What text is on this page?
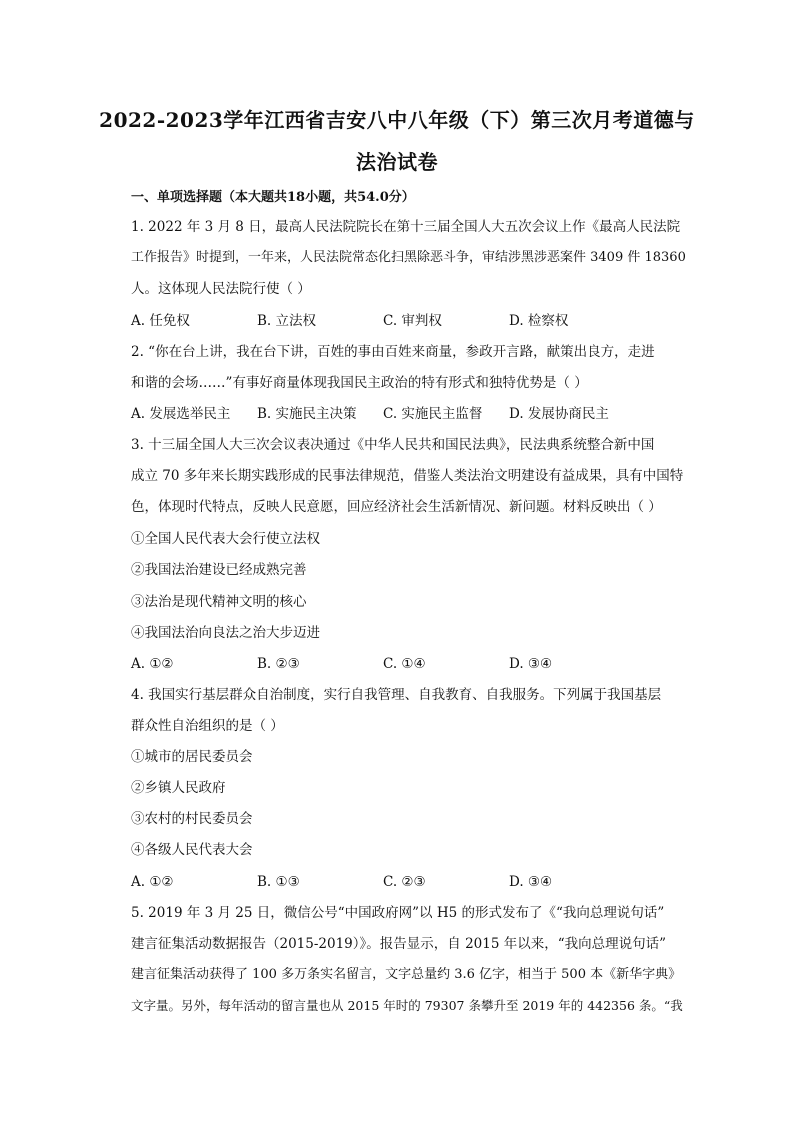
2022-2023学年江西省吉安八中八年级（下）第三次月考道德与
法治试卷
一、单项选择题（本大题共18小题，共54.0分）
1. 2022 年 3 月 8 日，最高人民法院院长在第十三届全国人大五次会议上作《最高人民法院
工作报告》时提到，一年来，人民法院常态化扫黑除恶斗争，审结涉黑涉恶案件 3409 件 18360
人。这体现人民法院行使（ ）
A. 任免权	B. 立法权	C. 审判权	D. 检察权
2. “你在台上讲，我在台下讲，百姓的事由百姓来商量，参政开言路，献策出良方，走进
和谐的会场……”有事好商量体现我国民主政治的特有形式和独特优势是（ ）
A. 发展选举民主 B. 实施民主决策 C. 实施民主监督 D. 发展协商民主
3. 十三届全国人大三次会议表决通过《中华人民共和国民法典》，民法典系统整合新中国
成立 70 多年来长期实践形成的民事法律规范，借鉴人类法治文明建设有益成果，具有中国特
色，体现时代特点，反映人民意愿，回应经济社会生活新情况、新问题。材料反映出（ ）
①全国人民代表大会行使立法权
②我国法治建设已经成熟完善
③法治是现代精神文明的核心
④我国法治向良法之治大步迈进
A. ①②	B. ②③	C. ①④	D. ③④
4. 我国实行基层群众自治制度，实行自我管理、自我教育、自我服务。下列属于我国基层
群众性自治组织的是（ ）
①城市的居民委员会
②乡镇人民政府
③农村的村民委员会
④各级人民代表大会
A. ①②	B. ①③	C. ②③	D. ③④
5. 2019 年 3 月 25 日，微信公号“中国政府网”以 H5 的形式发布了《“我向总理说句话”
建言征集活动数据报告（2015-2019）》。报告显示，自 2015 年以来，“我向总理说句话”
建言征集活动获得了 100 多万条实名留言，文字总量约 3.6 亿字，相当于 500 本《新华字典》
文字量。另外，每年活动的留言量也从 2015 年时的 79307 条攀升至 2019 年的 442356 条。“我
